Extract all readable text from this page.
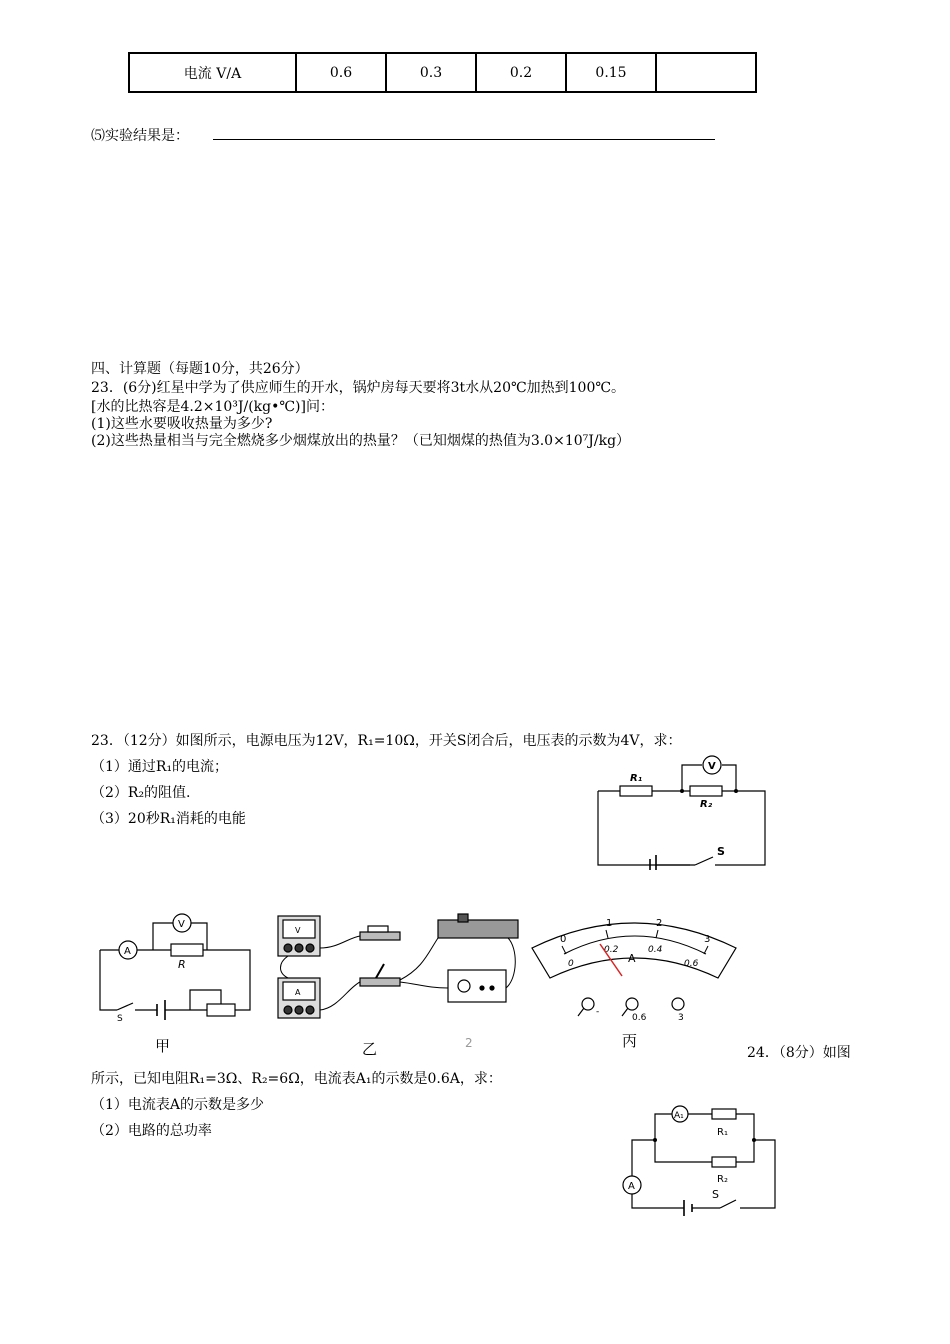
电流 V/A	0.6	0.3	0.2	0.15	
⑸实验结果是：
四、计算题（每题10分，共26分）
23．(6分)红星中学为了供应师生的开水，锅炉房每天要将3t水从20℃加热到100℃。
[水的比热容是4.2×10³J/(kg•℃)]问：
(1)这些水要吸收热量为多少?
(2)这些热量相当与完全燃烧多少烟煤放出的热量？（已知烟煤的热值为3.0×10⁷J/kg）
23．（12分）如图所示，电源电压为12V，R₁=10Ω，开关S闭合后，电压表的示数为4V，求：
（1）通过R₁的电流；
（2）R₂的阻值.
（3）20秒R₁消耗的电能
R₁
R₂
V
S
A
V
R
S
甲
V
A
乙	2
0
1	2
3
0
0.2	0.4
0.6
A
-
0.6	3
丙
24．（8分）如图
所示，已知电阻R₁=3Ω、R₂=6Ω，电流表A₁的示数是0.6A，求：
（1）电流表A的示数是多少
（2）电路的总功率
A₁
R₁
R₂
A
S
